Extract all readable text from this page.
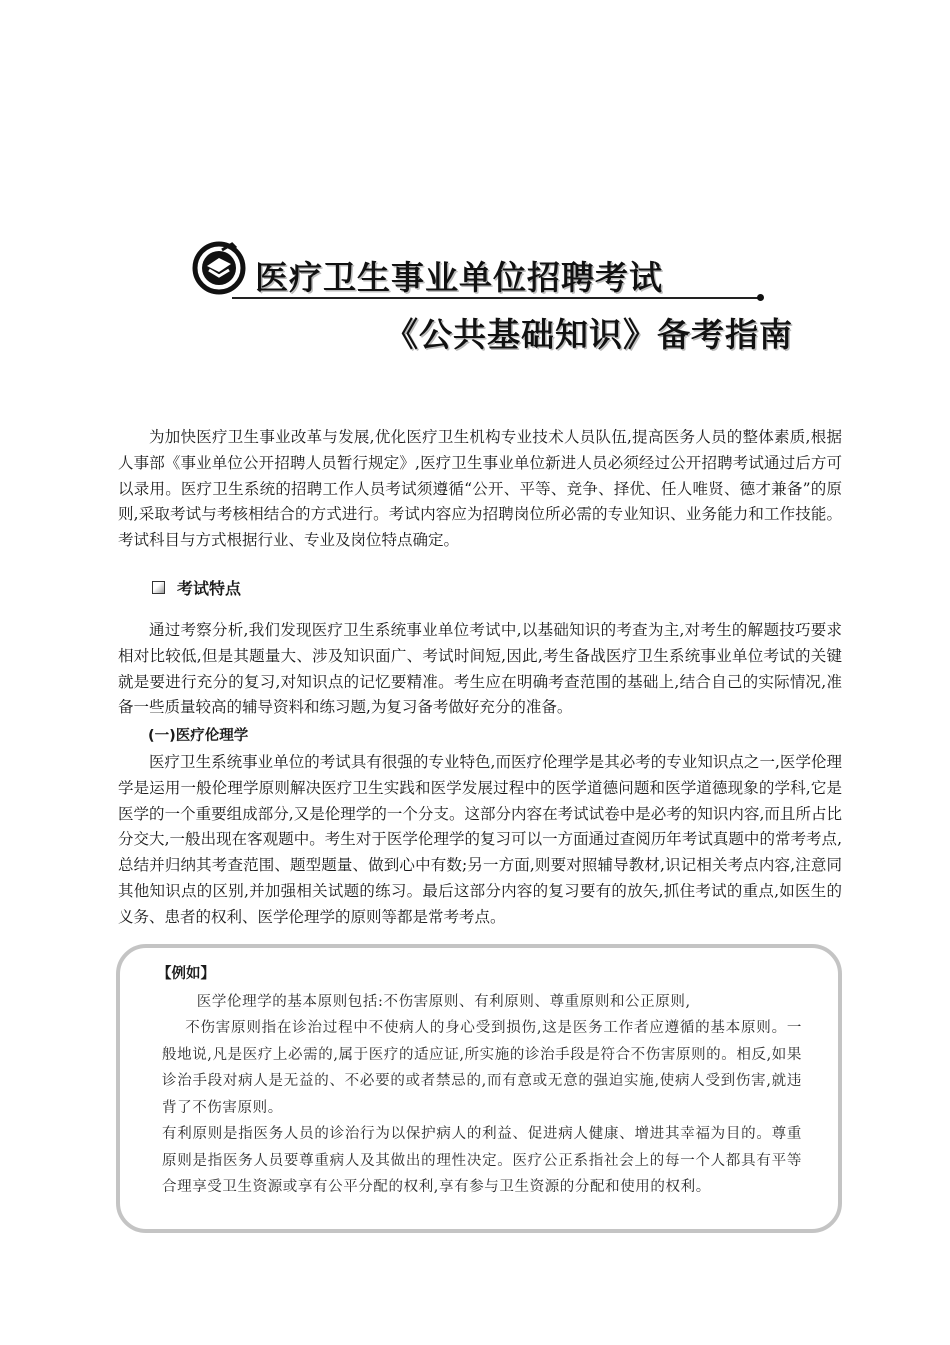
医疗卫生事业单位招聘考试
《公共基础知识》备考指南

为加快医疗卫生事业改革与发展,优化医疗卫生机构专业技术人员队伍,提高医务人员的整体素质,根据人事部《事业单位公开招聘人员暂行规定》,医疗卫生事业单位新进人员必须经过公开招聘考试通过后方可以录用。医疗卫生系统的招聘工作人员考试须遵循“公开、平等、竞争、择优、任人唯贤、德才兼备”的原则,采取考试与考核相结合的方式进行。考试内容应为招聘岗位所必需的专业知识、业务能力和工作技能。考试科目与方式根据行业、专业及岗位特点确定。

考试特点

通过考察分析,我们发现医疗卫生系统事业单位考试中,以基础知识的考查为主,对考生的解题技巧要求相对比较低,但是其题量大、涉及知识面广、考试时间短,因此,考生备战医疗卫生系统事业单位考试的关键就是要进行充分的复习,对知识点的记忆要精准。考生应在明确考查范围的基础上,结合自己的实际情况,准备一些质量较高的辅导资料和练习题,为复习备考做好充分的准备。

(一)医疗伦理学

医疗卫生系统事业单位的考试具有很强的专业特色,而医疗伦理学是其必考的专业知识点之一,医学伦理学是运用一般伦理学原则解决医疗卫生实践和医学发展过程中的医学道德问题和医学道德现象的学科,它是医学的一个重要组成部分,又是伦理学的一个分支。这部分内容在考试试卷中是必考的知识内容,而且所占比分交大,一般出现在客观题中。考生对于医学伦理学的复习可以一方面通过查阅历年考试真题中的常考考点,总结并归纳其考查范围、题型题量、做到心中有数;另一方面,则要对照辅导教材,识记相关考点内容,注意同其他知识点的区别,并加强相关试题的练习。最后这部分内容的复习要有的放矢,抓住考试的重点,如医生的义务、患者的权利、医学伦理学的原则等都是常考考点。

【例如】

医学伦理学的基本原则包括:不伤害原则、有利原则、尊重原则和公正原则,

不伤害原则指在诊治过程中不使病人的身心受到损伤,这是医务工作者应遵循的基本原则。一般地说,凡是医疗上必需的,属于医疗的适应证,所实施的诊治手段是符合不伤害原则的。相反,如果诊治手段对病人是无益的、不必要的或者禁忌的,而有意或无意的强迫实施,使病人受到伤害,就违背了不伤害原则。

有利原则是指医务人员的诊治行为以保护病人的利益、促进病人健康、增进其幸福为目的。尊重原则是指医务人员要尊重病人及其做出的理性决定。医疗公正系指社会上的每一个人都具有平等合理享受卫生资源或享有公平分配的权利,享有参与卫生资源的分配和使用的权利。
